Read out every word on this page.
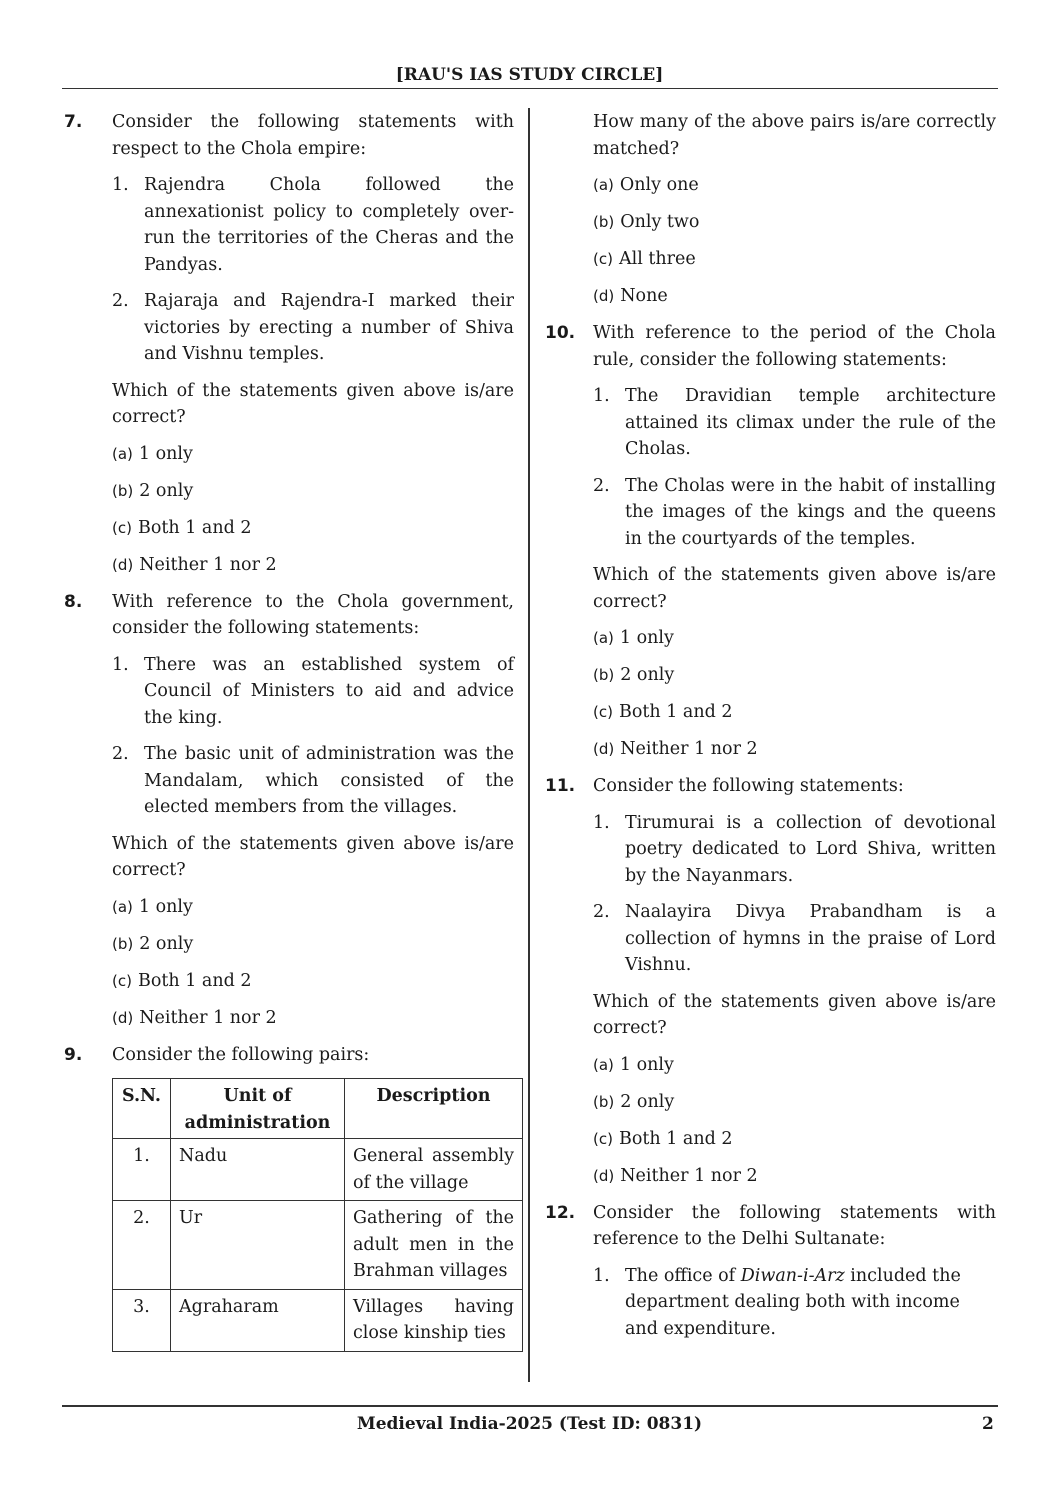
[RAU'S IAS STUDY CIRCLE]
7. Consider the following statements with respect to the Chola empire:
1. Rajendra Chola followed the annexationist policy to completely over-run the territories of the Cheras and the Pandyas.
2. Rajaraja and Rajendra-I marked their victories by erecting a number of Shiva and Vishnu temples.
Which of the statements given above is/are correct?
(a) 1 only
(b) 2 only
(c) Both 1 and 2
(d) Neither 1 nor 2
8. With reference to the Chola government, consider the following statements:
1. There was an established system of Council of Ministers to aid and advice the king.
2. The basic unit of administration was the Mandalam, which consisted of the elected members from the villages.
Which of the statements given above is/are correct?
(a) 1 only
(b) 2 only
(c) Both 1 and 2
(d) Neither 1 nor 2
9. Consider the following pairs:
S.N.	Unit of administration	Description
1.	Nadu	General assembly of the village
2.	Ur	Gathering of the adult men in the Brahman villages
3.	Agraharam	Villages having close kinship ties
How many of the above pairs is/are correctly matched?
(a) Only one
(b) Only two
(c) All three
(d) None
10. With reference to the period of the Chola rule, consider the following statements:
1. The Dravidian temple architecture attained its climax under the rule of the Cholas.
2. The Cholas were in the habit of installing the images of the kings and the queens in the courtyards of the temples.
Which of the statements given above is/are correct?
(a) 1 only
(b) 2 only
(c) Both 1 and 2
(d) Neither 1 nor 2
11. Consider the following statements:
1. Tirumurai is a collection of devotional poetry dedicated to Lord Shiva, written by the Nayanmars.
2. Naalayira Divya Prabandham is a collection of hymns in the praise of Lord Vishnu.
Which of the statements given above is/are correct?
(a) 1 only
(b) 2 only
(c) Both 1 and 2
(d) Neither 1 nor 2
12. Consider the following statements with reference to the Delhi Sultanate:
1. The office of Diwan-i-Arz included the department dealing both with income and expenditure.
Medieval India-2025 (Test ID: 0831)	2
